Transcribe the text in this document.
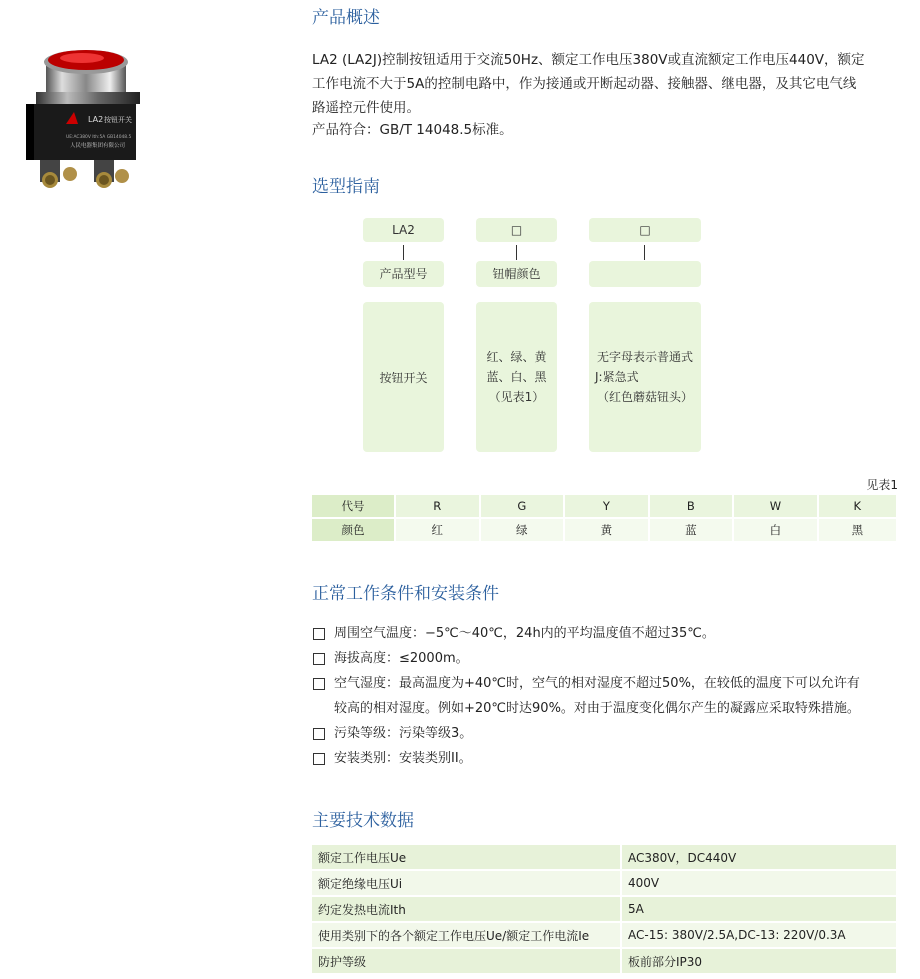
LA2 按钮开关
UE:AC380V Ith:5A GB14048.5
人民电器集团有限公司
产品概述
LA2 (LA2J)控制按钮适用于交流50Hz、额定工作电压380V或直流额定工作电压440V，额定
工作电流不大于5A的控制电路中，作为接通或开断起动器、接触器、继电器，及其它电气线
路遥控元件使用。
产品符合：GB/T 14048.5标准。
选型指南
LA2	□	□
产品型号	钮帽颜色
按钮开关
红、绿、黄
蓝、白、黑
（见表1）
无字母表示普通式
J:紧急式
（红色蘑菇钮头）
见表1
代号	R	G	Y	B	W	K
颜色	红	绿	黄	蓝	白	黑
正常工作条件和安装条件
周围空气温度：−5℃～40℃，24h内的平均温度值不超过35℃。
海拔高度：≤2000m。
空气湿度：最高温度为+40℃时，空气的相对湿度不超过50%，在较低的温度下可以允许有
较高的相对湿度。例如+20℃时达90%。对由于温度变化偶尔产生的凝露应采取特殊措施。
污染等级：污染等级3。
安装类别：安装类别II。
主要技术数据
额定工作电压Ue	AC380V，DC440V
额定绝缘电压Ui	400V
约定发热电流Ith	5A
使用类别下的各个额定工作电压Ue/额定工作电流Ie	AC-15: 380V/2.5A,DC-13: 220V/0.3A
防护等级	板前部分IP30
